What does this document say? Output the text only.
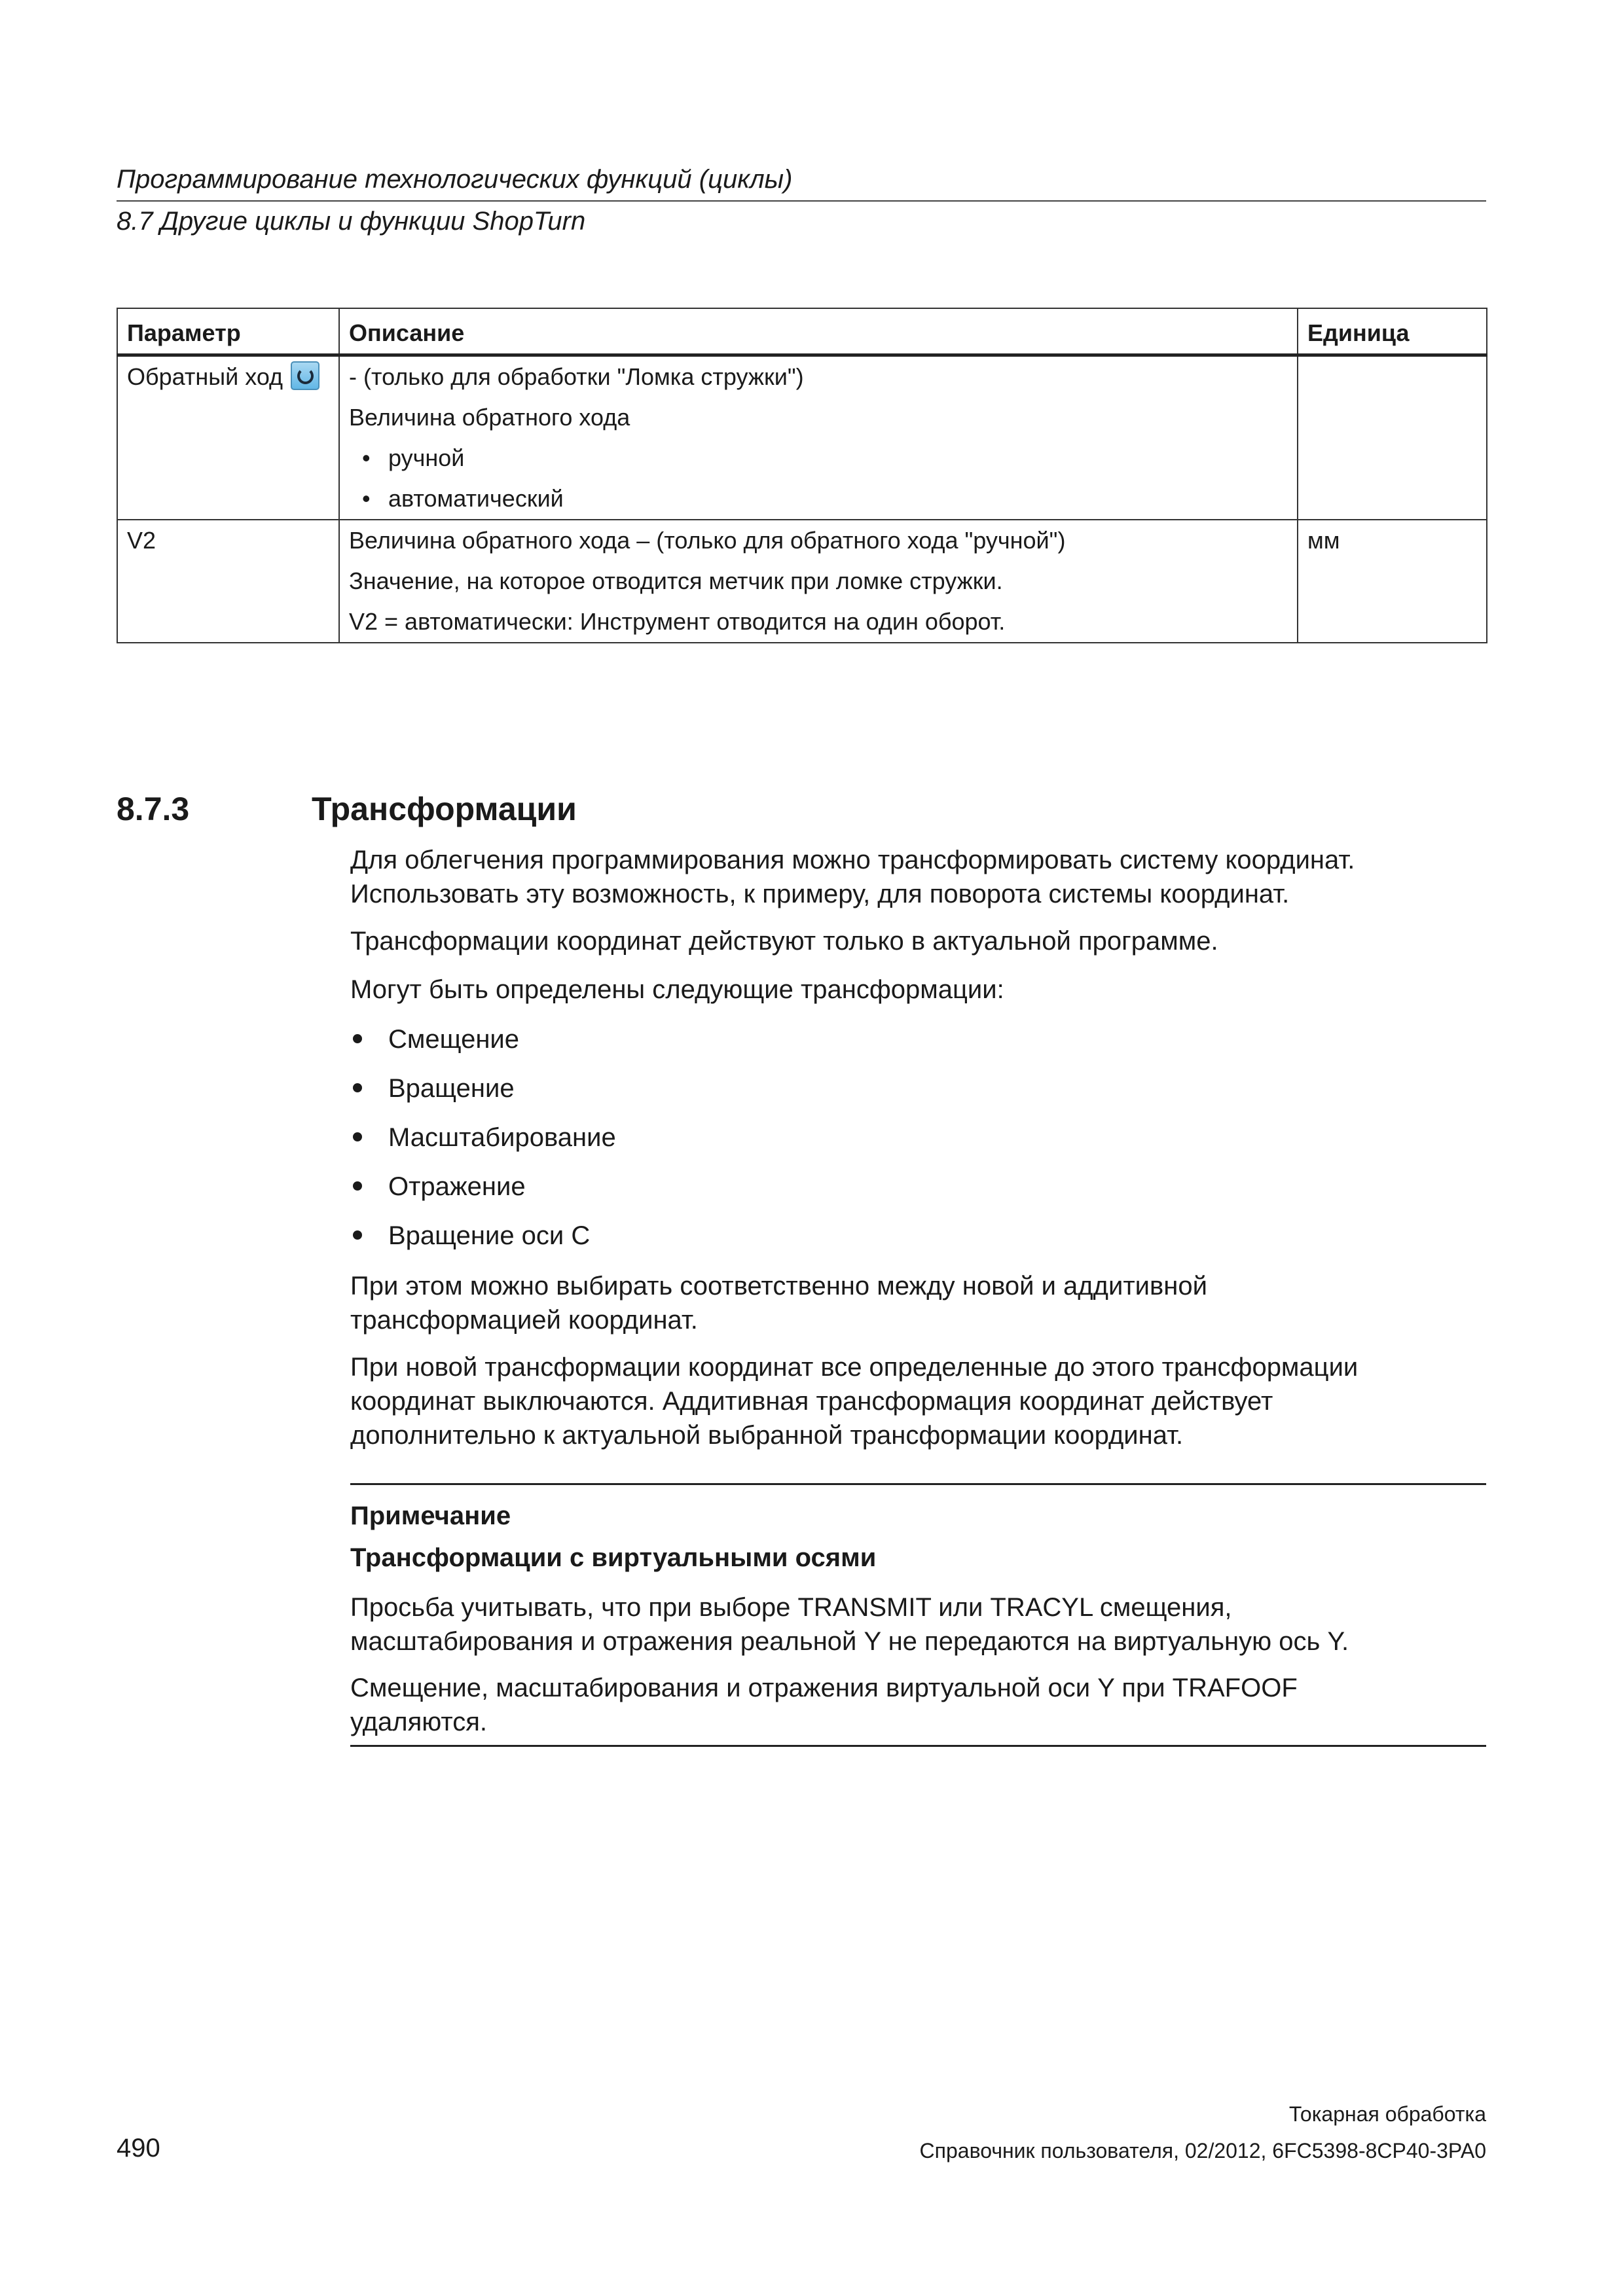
Программирование технологических функций (циклы)
8.7 Другие циклы и функции ShopTurn
Параметр	Описание	Единица

Обратный ход	- (только для обработки "Ломка стружки")
Величина обратного хода
• ручной
• автоматический

V2	Величина обратного хода – (только для обратного хода "ручной")
Значение, на которое отводится метчик при ломке стружки.
V2 = автоматически: Инструмент отводится на один оборот.	мм
8.7.3	Трансформации

Для облегчения программирования можно трансформировать систему координат.

Использовать эту возможность, к примеру, для поворота системы координат.

Трансформации координат действуют только в актуальной программе.

Могут быть определены следующие трансформации:

Смещение
Вращение
Масштабирование
Отражение
Вращение оси C

При этом можно выбирать соответственно между новой и аддитивной

трансформацией координат.

При новой трансформации координат все определенные до этого трансформации

координат выключаются. Аддитивная трансформация координат действует

дополнительно к актуальной выбранной трансформации координат.

Примечание
Трансформации с виртуальными осями

Просьба учитывать, что при выборе TRANSMIT или TRACYL смещения,

масштабирования и отражения реальной Y не передаются на виртуальную ось Y.

Смещение, масштабирования и отражения виртуальной оси Y при TRAFOOF

удаляются.

Токарная обработка
490	Справочник пользователя, 02/2012, 6FC5398-8CP40-3PA0
